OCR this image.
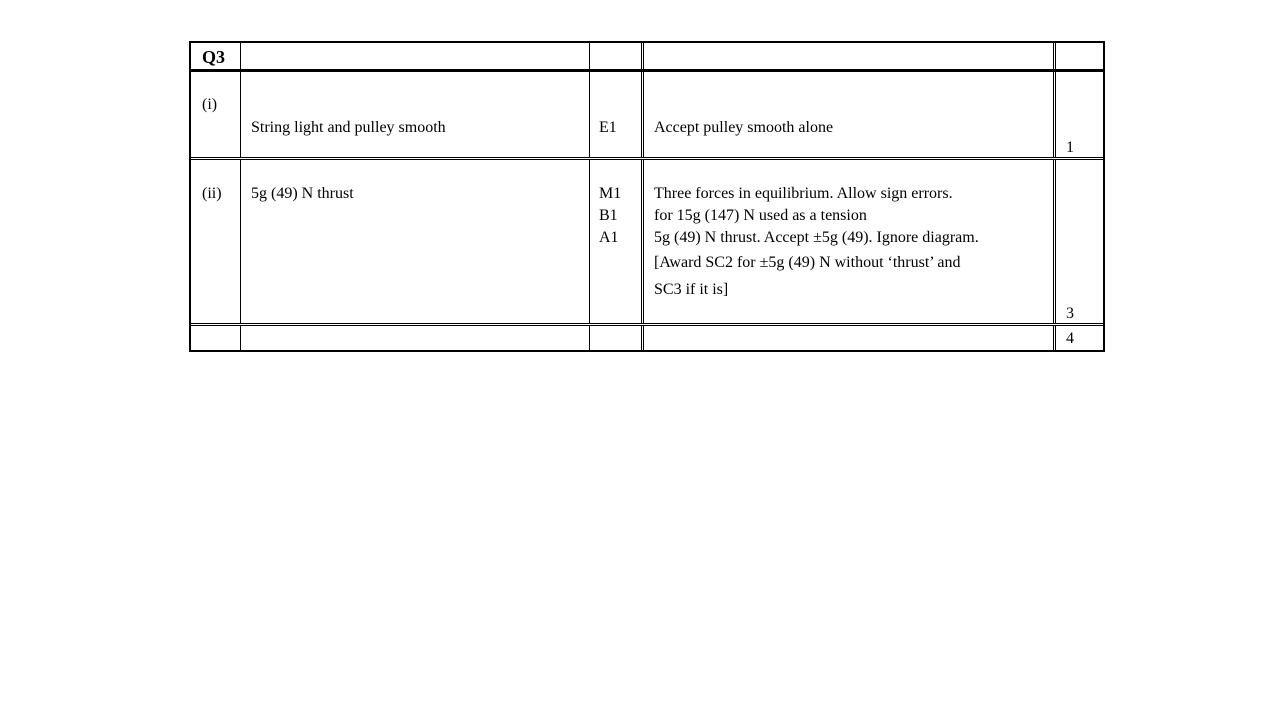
Q3
(i)
String light and pulley smooth	E1 Accept pulley smooth alone
1
(ii) 5g (49) N thrust	M1
B1
A1
Three forces in equilibrium. Allow sign errors.
for 15g (147) N used as a tension
5g (49) N thrust. Accept ±5g (49). Ignore diagram.
[Award SC2 for ±5g (49) N without ‘thrust’ and
SC3 if it is]
3
4
